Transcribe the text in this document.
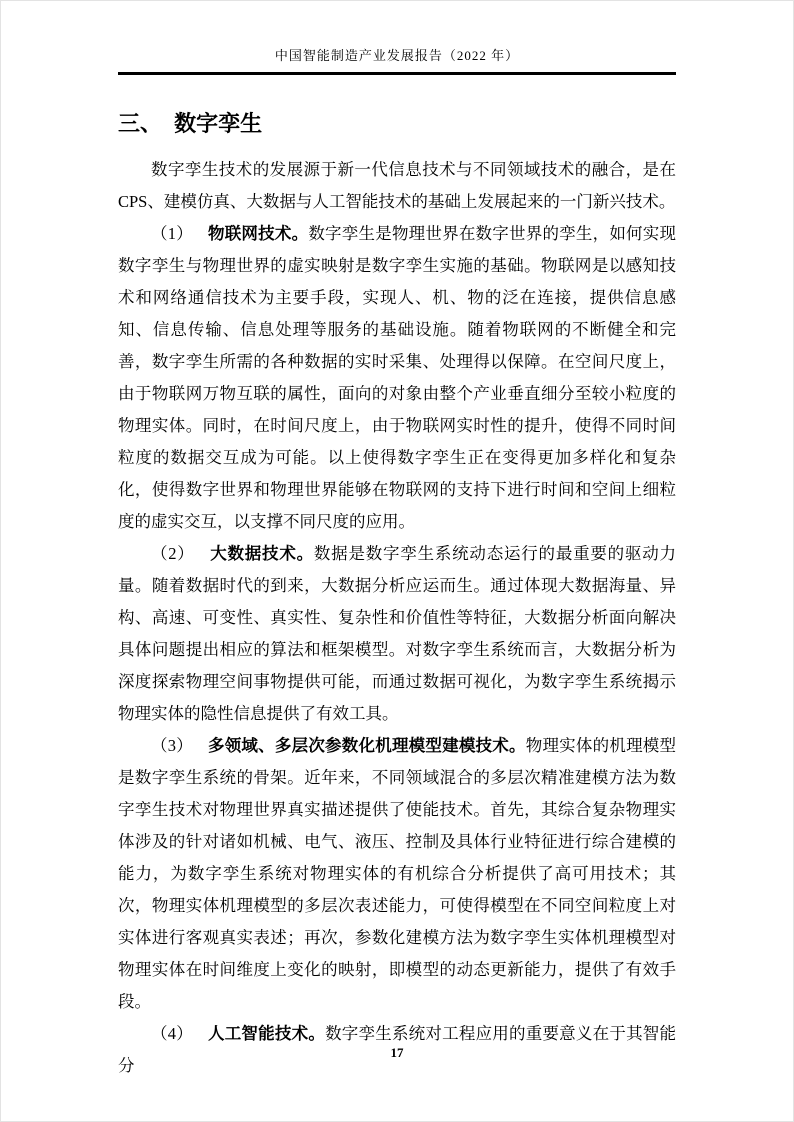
中国智能制造产业发展报告（2022 年）
三、 数字孪生

数字孪生技术的发展源于新一代信息技术与不同领域技术的融合，是在CPS、建模仿真、大数据与人工智能技术的基础上发展起来的一门新兴技术。

（1） 物联网技术。数字孪生是物理世界在数字世界的孪生，如何实现数字孪生与物理世界的虚实映射是数字孪生实施的基础。物联网是以感知技术和网络通信技术为主要手段，实现人、机、物的泛在连接，提供信息感知、信息传输、信息处理等服务的基础设施。随着物联网的不断健全和完善，数字孪生所需的各种数据的实时采集、处理得以保障。在空间尺度上，由于物联网万物互联的属性，面向的对象由整个产业垂直细分至较小粒度的物理实体。同时，在时间尺度上，由于物联网实时性的提升，使得不同时间粒度的数据交互成为可能。以上使得数字孪生正在变得更加多样化和复杂化，使得数字世界和物理世界能够在物联网的支持下进行时间和空间上细粒度的虚实交互，以支撑不同尺度的应用。

（2） 大数据技术。数据是数字孪生系统动态运行的最重要的驱动力量。随着数据时代的到来，大数据分析应运而生。通过体现大数据海量、异构、高速、可变性、真实性、复杂性和价值性等特征，大数据分析面向解决具体问题提出相应的算法和框架模型。对数字孪生系统而言，大数据分析为深度探索物理空间事物提供可能，而通过数据可视化，为数字孪生系统揭示物理实体的隐性信息提供了有效工具。

（3） 多领域、多层次参数化机理模型建模技术。物理实体的机理模型是数字孪生系统的骨架。近年来，不同领域混合的多层次精准建模方法为数字孪生技术对物理世界真实描述提供了使能技术。首先，其综合复杂物理实体涉及的针对诸如机械、电气、液压、控制及具体行业特征进行综合建模的能力，为数字孪生系统对物理实体的有机综合分析提供了高可用技术；其次，物理实体机理模型的多层次表述能力，可使得模型在不同空间粒度上对实体进行客观真实表述；再次，参数化建模方法为数字孪生实体机理模型对物理实体在时间维度上变化的映射，即模型的动态更新能力，提供了有效手段。

（4） 人工智能技术。数字孪生系统对工程应用的重要意义在于其智能分

17
